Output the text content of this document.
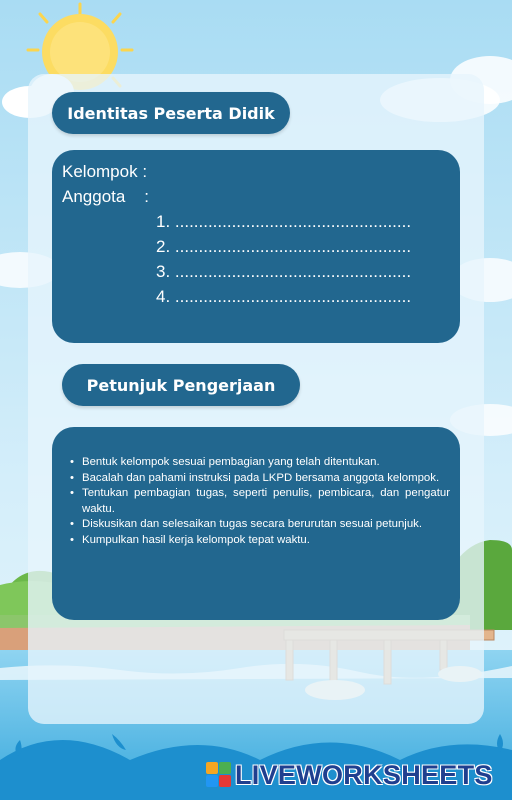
Identitas Peserta Didik
Kelompok :
Anggota    :
1. ..................................................
2. ..................................................
3. ..................................................
4. ..................................................
Petunjuk Pengerjaan
• Bentuk kelompok sesuai pembagian yang telah ditentukan.
• Bacalah dan pahami instruksi pada LKPD bersama anggota kelompok.
• Tentukan pembagian tugas, seperti penulis, pembicara, dan pengatur waktu.
• Diskusikan dan selesaikan tugas secara berurutan sesuai petunjuk.
• Kumpulkan hasil kerja kelompok tepat waktu.
LIVEWORKSHEETS
